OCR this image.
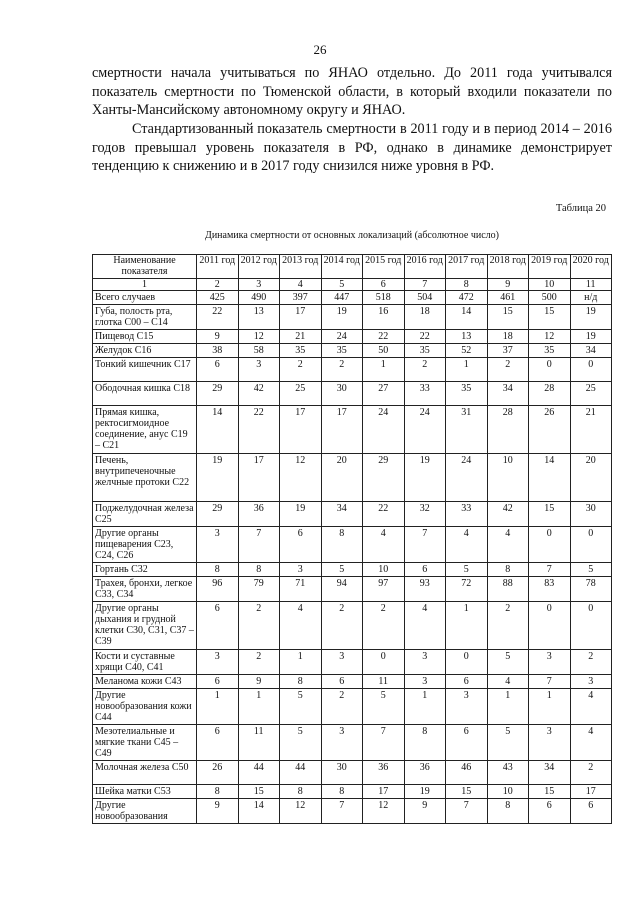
26

смертности начала учитываться по ЯНАО отдельно. До 2011 года учитывался показатель смертности по Тюменской области, в который входили показатели по Ханты-Мансийскому автономному округу и ЯНАО.

Стандартизованный показатель смертности в 2011 году и в период 2014 – 2016 годов превышал уровень показателя в РФ, однако в динамике демонстрирует тенденцию к снижению и в 2017 году снизился ниже уровня в РФ.

Таблица 20
Динамика смертности от основных локализаций (абсолютное число)
Наименование показателя	2011 год	2012 год	2013 год	2014 год	2015 год	2016 год	2017 год	2018 год	2019 год	2020 год
1	2	3	4	5	6	7	8	9	10	11
Всего случаев	425	490	397	447	518	504	472	461	500	н/д
Губа, полость рта, глотка С00 – С14	22	13	17	19	16	18	14	15	15	19
Пищевод С15	9	12	21	24	22	22	13	18	12	19
Желудок С16	38	58	35	35	50	35	52	37	35	34
Тонкий кишечник С17	6	3	2	2	1	2	1	2	0	0
Ободочная кишка С18	29	42	25	30	27	33	35	34	28	25
Прямая кишка, ректосигмоидное соединение, анус С19 – С21	14	22	17	17	24	24	31	28	26	21
Печень, внутрипеченочные желчные протоки С22	19	17	12	20	29	19	24	10	14	20
Поджелудочная железа С25	29	36	19	34	22	32	33	42	15	30
Другие органы пищеварения С23, С24, С26	3	7	6	8	4	7	4	4	0	0
Гортань С32	8	8	3	5	10	6	5	8	7	5
Трахея, бронхи, легкое С33, С34	96	79	71	94	97	93	72	88	83	78
Другие органы дыхания и грудной клетки С30, С31, С37 – С39	6	2	4	2	2	4	1	2	0	0
Кости и суставные хрящи С40, С41	3	2	1	3	0	3	0	5	3	2
Меланома кожи С43	6	9	8	6	11	3	6	4	7	3
Другие новообразования кожи С44	1	1	5	2	5	1	3	1	1	4
Мезотелиальные и мягкие ткани С45 – С49	6	11	5	3	7	8	6	5	3	4
Молочная железа С50	26	44	44	30	36	36	46	43	34	2
Шейка матки С53	8	15	8	8	17	19	15	10	15	17
Другие новообразования	9	14	12	7	12	9	7	8	6	6
